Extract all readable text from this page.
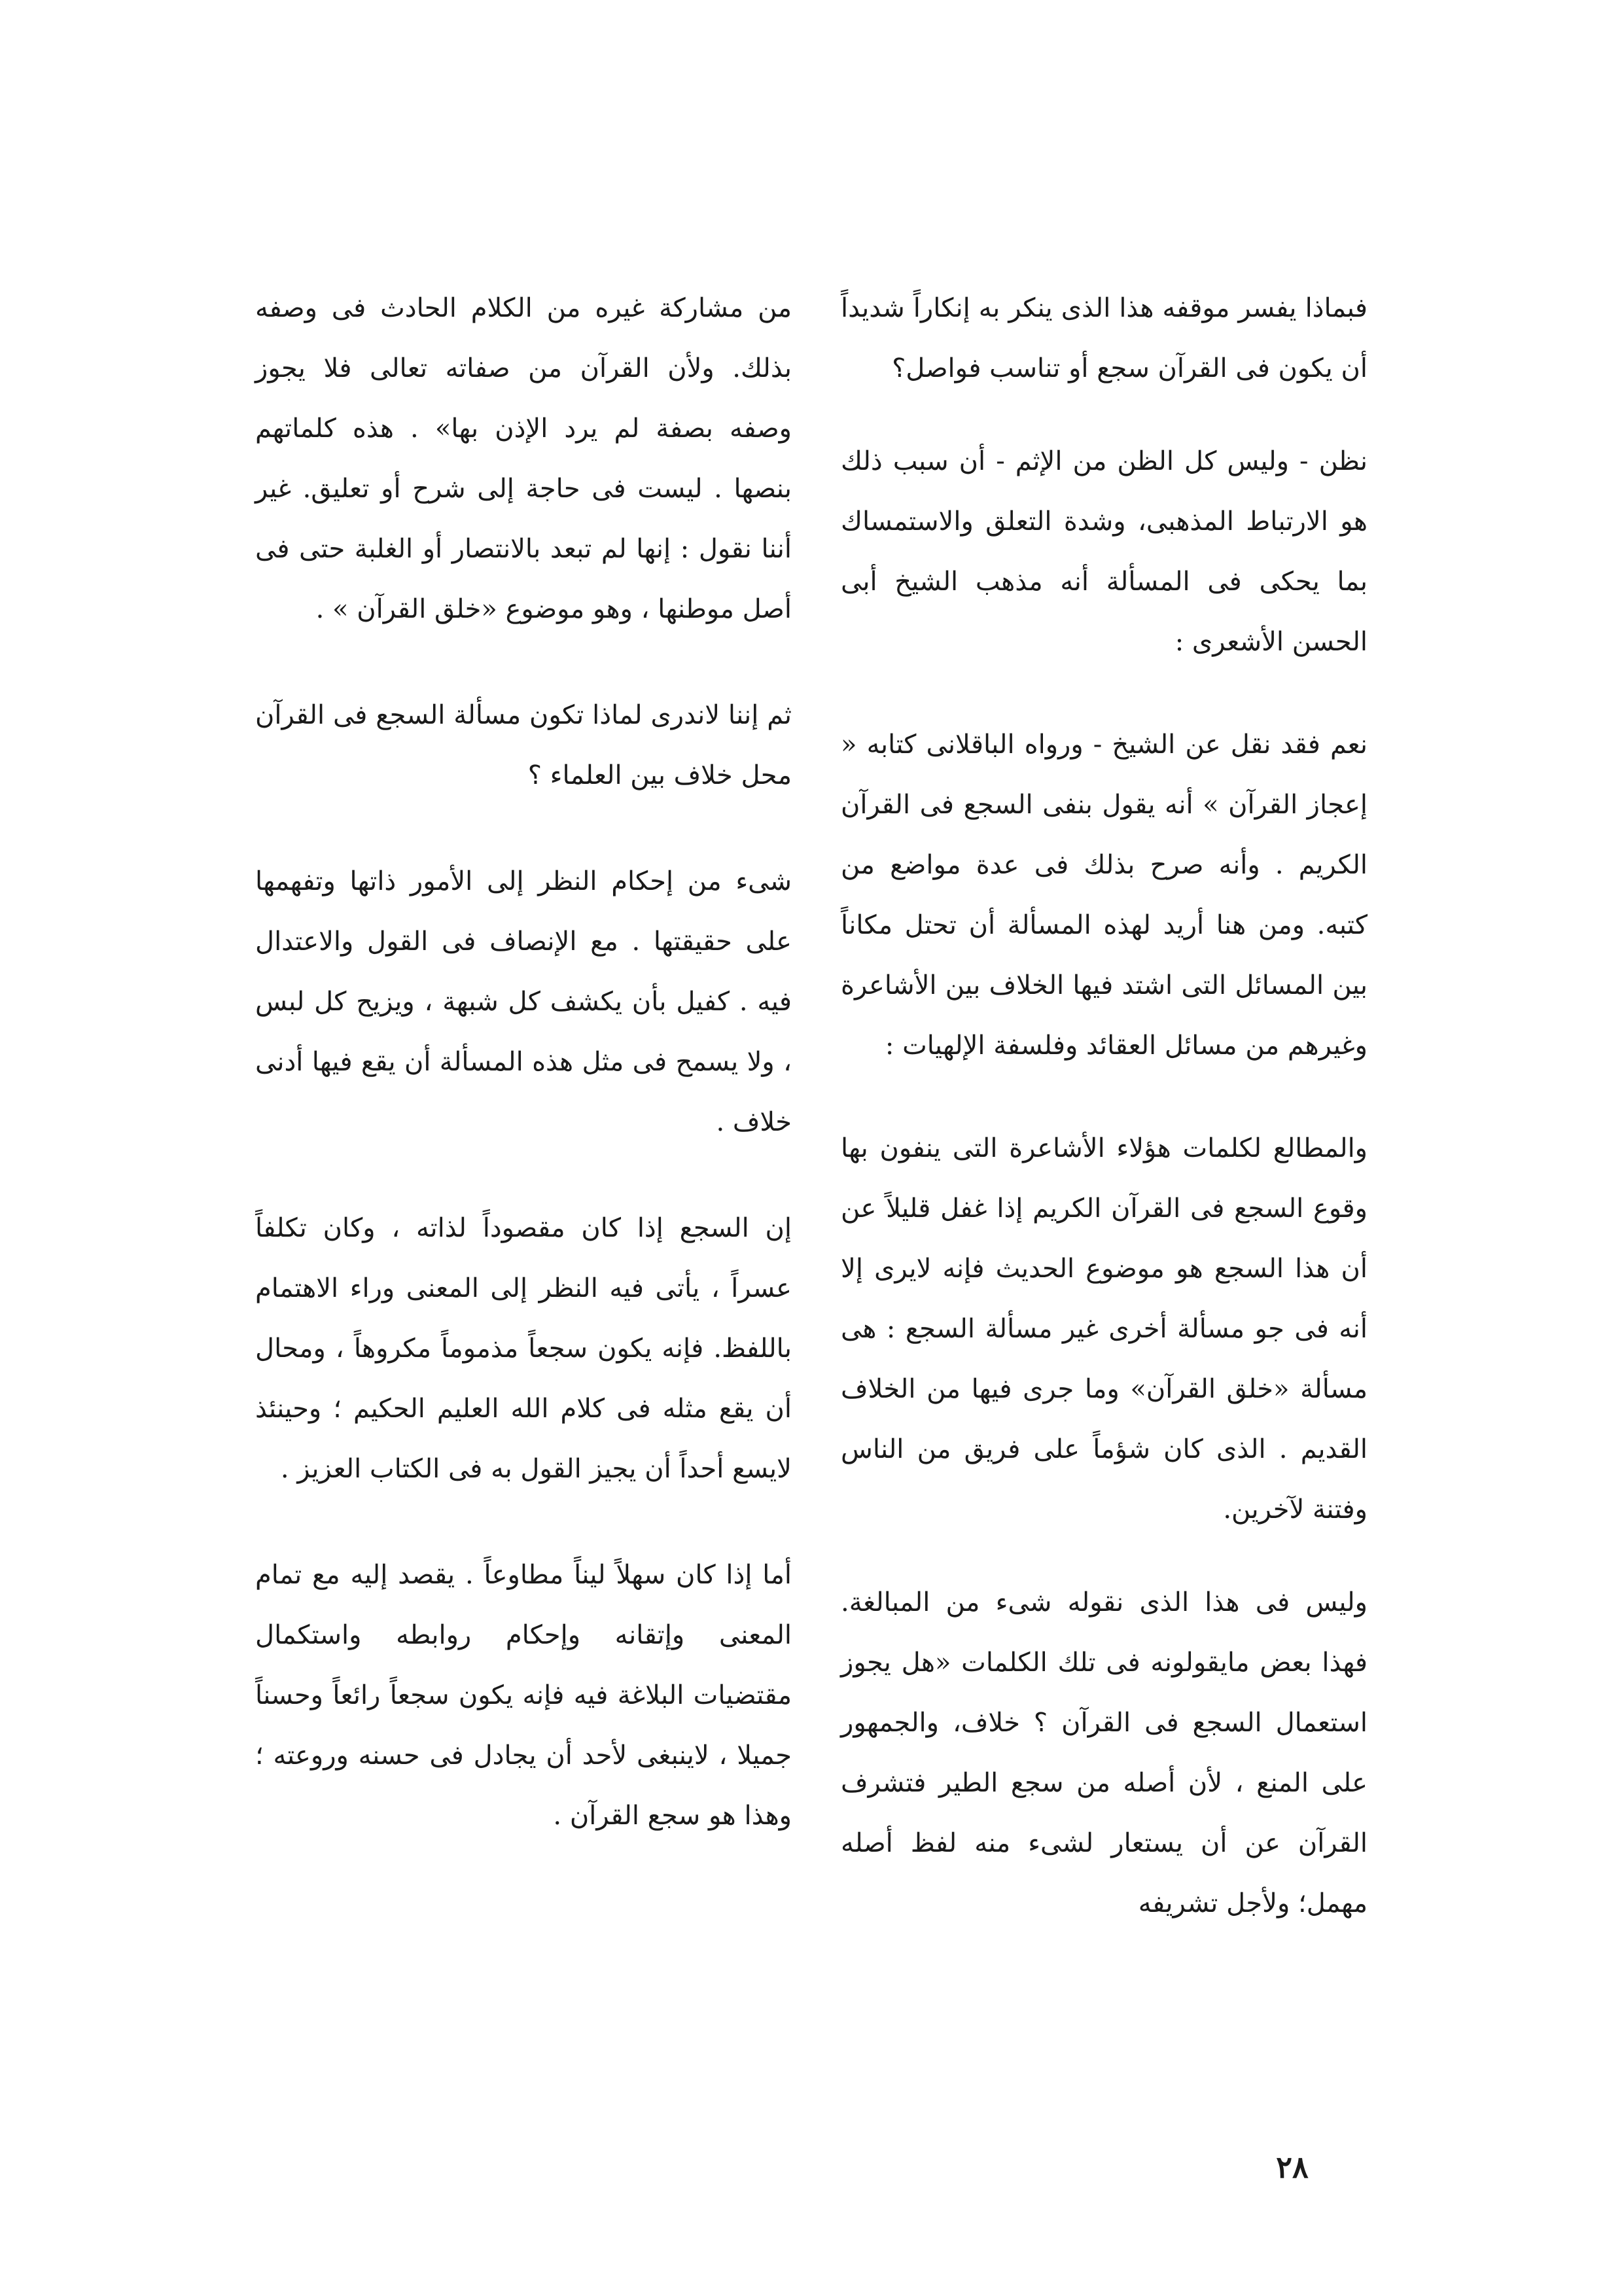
فبماذا يفسر موقفه هذا الذى ينكر به إنكاراً شديداً أن يكون فى القرآن سجع أو تناسب فواصل؟

نظن - وليس كل الظن من الإثم - أن سبب ذلك هو الارتباط المذهبى، وشدة التعلق والاستمساك بما يحكى فى المسألة أنه مذهب الشيخ أبى الحسن الأشعرى :

نعم فقد نقل عن الشيخ - ورواه الباقلانى كتابه « إعجاز القرآن » أنه يقول بنفى السجع فى القرآن الكريم . وأنه صرح بذلك فى عدة مواضع من كتبه. ومن هنا أريد لهذه المسألة أن تحتل مكاناً بين المسائل التى اشتد فيها الخلاف بين الأشاعرة وغيرهم من مسائل العقائد وفلسفة الإلهيات :

والمطالع لكلمات هؤلاء الأشاعرة التى ينفون بها وقوع السجع فى القرآن الكريم إذا غفل قليلاً عن أن هذا السجع هو موضوع الحديث فإنه لايرى إلا أنه فى جو مسألة أخرى غير مسألة السجع : هى مسألة «خلق القرآن» وما جرى فيها من الخلاف القديم . الذى كان شؤماً على فريق من الناس وفتنة لآخرين.

وليس فى هذا الذى نقوله شىء من المبالغة. فهذا بعض مايقولونه فى تلك الكلمات «هل يجوز استعمال السجع فى القرآن ؟ خلاف، والجمهور على المنع ، لأن أصله من سجع الطير فتشرف القرآن عن أن يستعار لشىء منه لفظ أصله مهمل؛ ولأجل تشريفه

من مشاركة غيره من الكلام الحادث فى وصفه بذلك. ولأن القرآن من صفاته تعالى فلا يجوز وصفه بصفة لم يرد الإذن بها» . هذه كلماتهم بنصها . ليست فى حاجة إلى شرح أو تعليق. غير أننا نقول : إنها لم تبعد بالانتصار أو الغلبة حتى فى أصل موطنها ، وهو موضوع «خلق القرآن » .

ثم إننا لاندرى لماذا تكون مسألة السجع فى القرآن محل خلاف بين العلماء ؟

شىء من إحكام النظر إلى الأمور ذاتها وتفهمها على حقيقتها . مع الإنصاف فى القول والاعتدال فيه . كفيل بأن يكشف كل شبهة ، ويزيح كل لبس ، ولا يسمح فى مثل هذه المسألة أن يقع فيها أدنى خلاف .

إن السجع إذا كان مقصوداً لذاته ، وكان تكلفاً عسراً ، يأتى فيه النظر إلى المعنى وراء الاهتمام باللفظ. فإنه يكون سجعاً مذموماً مكروهاً ، ومحال أن يقع مثله فى كلام الله العليم الحكيم ؛ وحينئذ لايسع أحداً أن يجيز القول به فى الكتاب العزيز .

أما إذا كان سهلاً ليناً مطاوعاً . يقصد إليه مع تمام المعنى وإتقانه وإحكام روابطه واستكمال مقتضيات البلاغة فيه فإنه يكون سجعاً رائعاً وحسناً جميلا ، لاينبغى لأحد أن يجادل فى حسنه وروعته ؛ وهذا هو سجع القرآن .

٢٨
